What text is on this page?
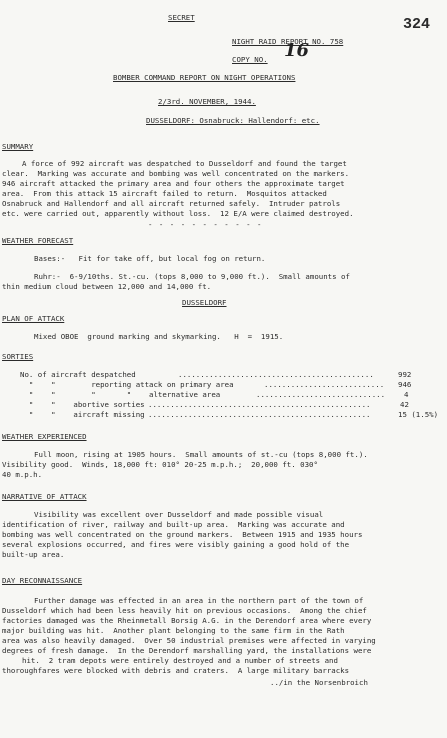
SECRET	324
NIGHT RAID REPORT NO. 758
COPY NO. 16
BOMBER COMMAND REPORT ON NIGHT OPERATIONS
2/3rd. NOVEMBER, 1944.
DUSSELDORF: Osnabruck: Hallendorf: etc.
SUMMARY
A force of 992 aircraft was despatched to Dusseldorf and found the target
clear.  Marking was accurate and bombing was well concentrated on the markers.
946 aircraft attacked the primary area and four others the approximate target
area.  From this attack 15 aircraft failed to return.  Mosquitos attacked
Osnabruck and Hallendorf and all aircraft returned safely.  Intruder patrols
etc. were carried out, apparently without loss.  12 E/A were claimed destroyed.
- - - - - - - - - - -
WEATHER FORECAST
Bases:-   Fit for take off, but local fog on return.
Ruhr:-  6-9/10ths. St.-cu. (tops 8,000 to 9,000 ft.).  Small amounts of
thin medium cloud between 12,000 and 14,000 ft.
DUSSELDORF
PLAN OF ATTACK
Mixed OBOE  ground marking and skymarking.   H  =  1915.
SORTIES
No. of aircraft despatched	............................................	992
"    "        reporting attack on primary area	...........................	946
"    "        "       "    alternative area	.............................	4
"    "    abortive sorties ..................................................	42
"    "    aircraft missing ..................................................	15 (1.5%)
WEATHER EXPERIENCED
Full moon, rising at 1905 hours.  Small amounts of st.-cu (tops 8,000 ft.).
Visibility good.  Winds, 18,000 ft: 010° 20-25 m.p.h.;  20,000 ft. 030°
40 m.p.h.
NARRATIVE OF ATTACK
Visibility was excellent over Dusseldorf and made possible visual
identification of river, railway and built-up area.  Marking was accurate and
bombing was well concentrated on the ground markers.  Between 1915 and 1935 hours
several explosions occurred, and fires were visibly gaining a good hold of the
built-up area.
DAY RECONNAISSANCE
Further damage was effected in an area in the northern part of the town of
Dusseldorf which had been less heavily hit on previous occasions.  Among the chief
factories damaged was the Rheinmetall Borsig A.G. in the Derendorf area where every
major building was hit.  Another plant belonging to the same firm in the Rath
area was also heavily damaged.  Over 50 industrial premises were affected in varying
degrees of fresh damage.  In the Derendorf marshalling yard, the installations were
hit.  2 tram depots were entirely destroyed and a number of streets and
thoroughfares were blocked with debris and craters.  A large military barracks
../in the Norsenbroich
